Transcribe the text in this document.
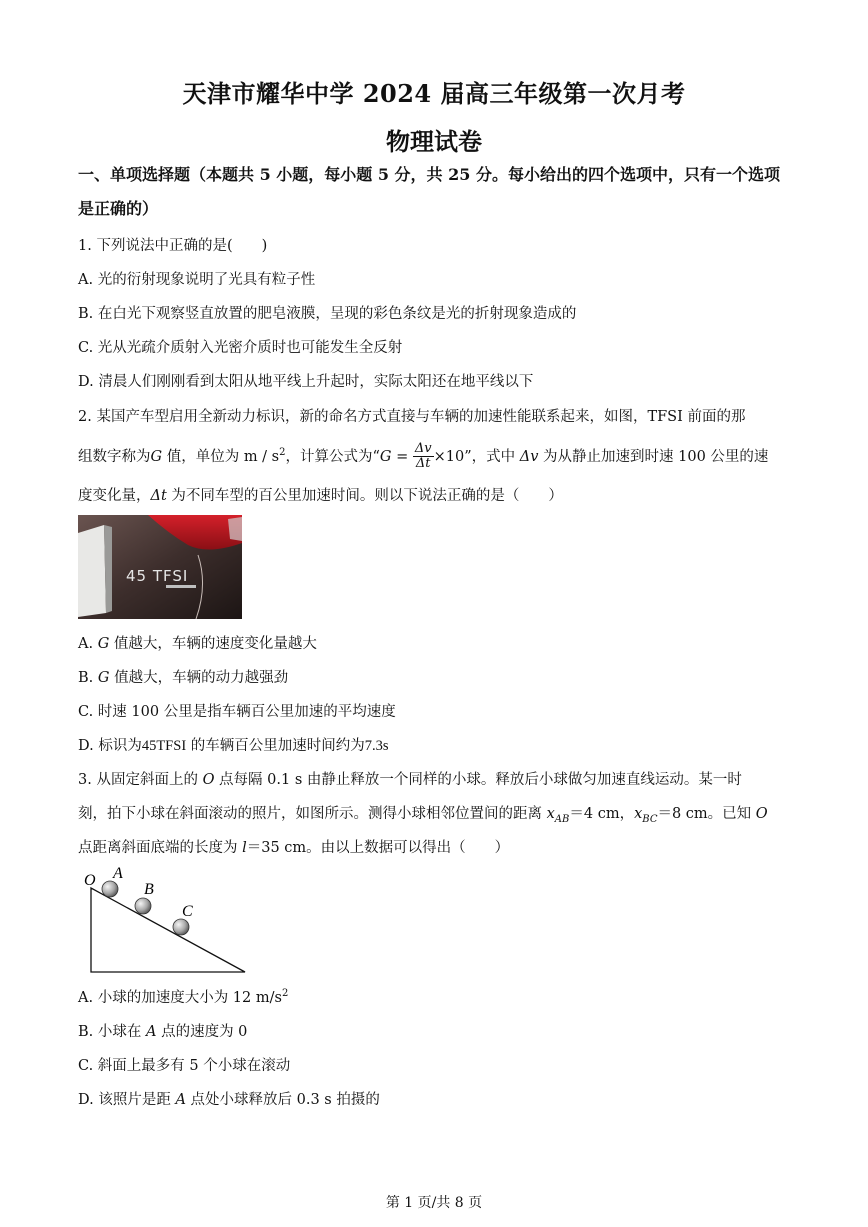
天津市耀华中学 2024 届高三年级第一次月考
物理试卷
一、单项选择题（本题共 5 小题，每小题 5 分，共 25 分。每小给出的四个选项中，只有一个选项是正确的）
1. 下列说法中正确的是(　　)
A. 光的衍射现象说明了光具有粒子性
B. 在白光下观察竖直放置的肥皂液膜，呈现的彩色条纹是光的折射现象造成的
C. 光从光疏介质射入光密介质时也可能发生全反射
D. 清晨人们刚刚看到太阳从地平线上升起时，实际太阳还在地平线以下
2. 某国产车型启用全新动力标识，新的命名方式直接与车辆的加速性能联系起来，如图，TFSI 前面的那
组数字称为G 值，单位为 m / $s^2$，计算公式为“$G = \frac{\Delta v}{\Delta t} \times 10$”，式中 Δv 为从静止加速到时速 100 公里的速
度变化量，Δt 为不同车型的百公里加速时间。则以下说法正确的是（　　）
45 TFSI
A. G 值越大，车辆的速度变化量越大
B. G 值越大，车辆的动力越强劲
C. 时速 100 公里是指车辆百公里加速的平均速度
D. 标识为45TFSI 的车辆百公里加速时间约为7.3s
3. 从固定斜面上的 O 点每隔 0.1 s 由静止释放一个同样的小球。释放后小球做匀加速直线运动。某一时
刻，拍下小球在斜面滚动的照片，如图所示。测得小球相邻位置间的距离 $x_{AB}=4$ cm，$x_{BC}=8$ cm。已知 O
点距离斜面底端的长度为 l＝35 cm。由以上数据可以得出（　　）
O A
B
C
A. 小球的加速度大小为 12 $m/s^2$
B. 小球在 A 点的速度为 0
C. 斜面上最多有 5 个小球在滚动
D. 该照片是距 A 点处小球释放后 0.3 s 拍摄的
第 1 页/共 8 页
